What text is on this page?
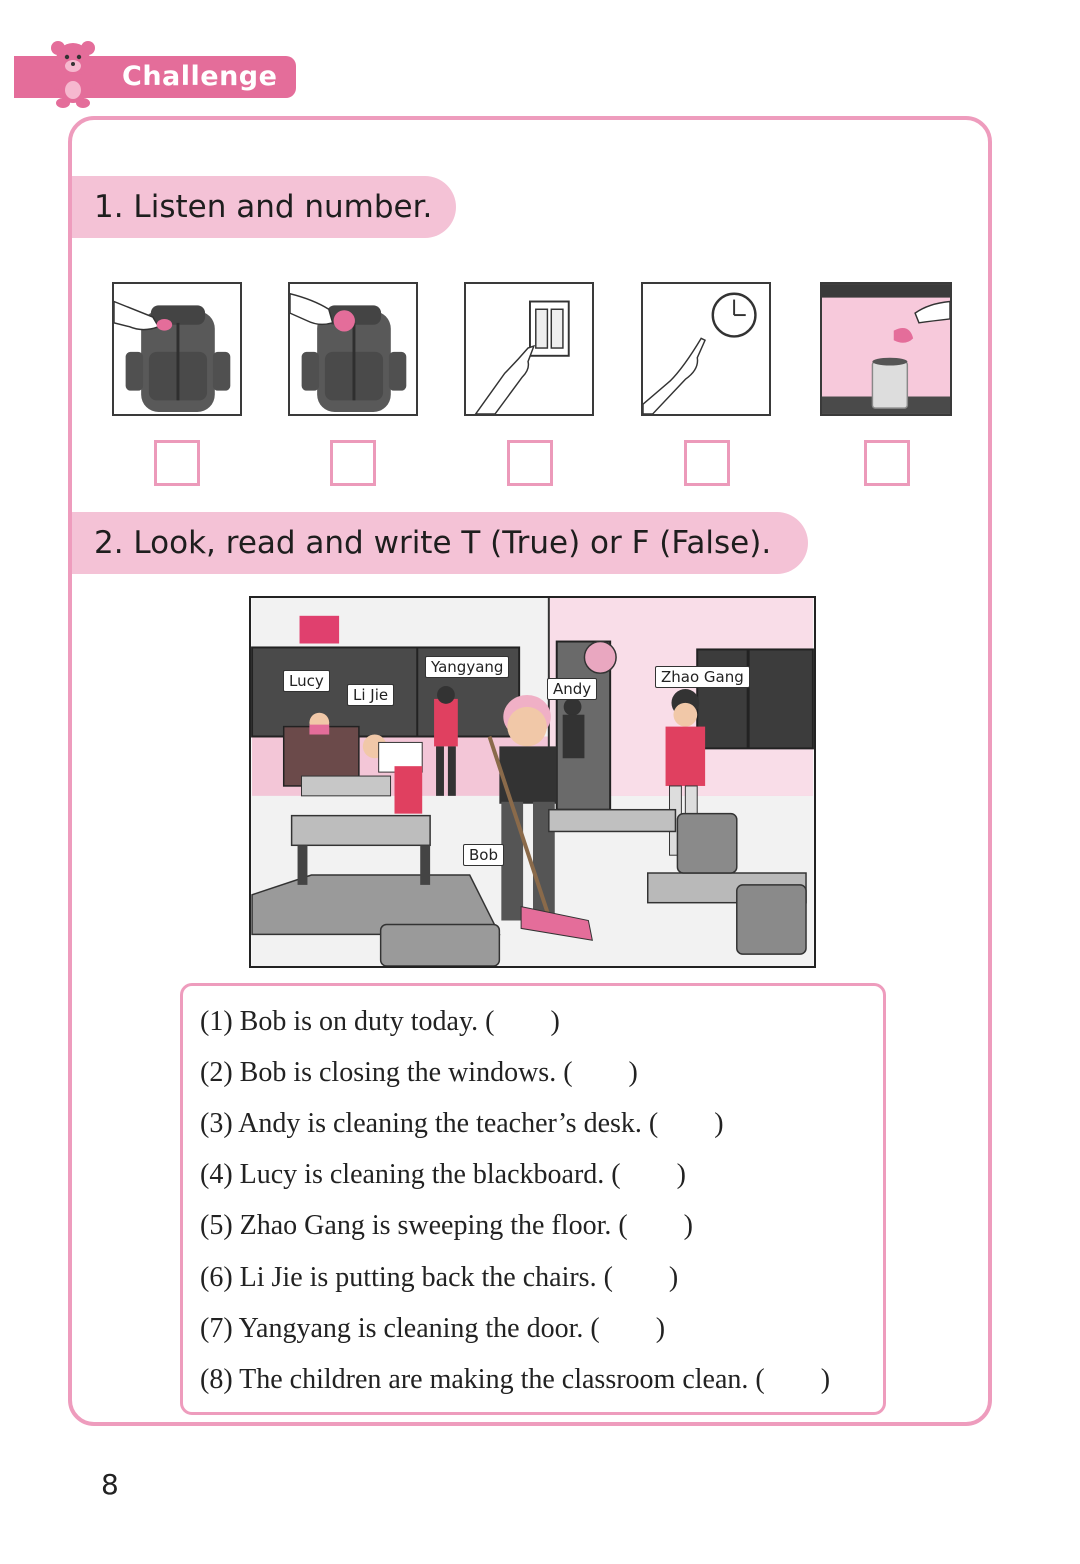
Challenge
1. Listen and number.
2. Look, read and write T (True) or F (False).
Lucy
Li Jie
Yangyang
Andy
Zhao Gang
Bob
(1) Bob is on duty today. (        )
(2) Bob is closing the windows. (        )
(3) Andy is cleaning the teacher’s desk. (        )
(4) Lucy is cleaning the blackboard. (        )
(5) Zhao Gang is sweeping the floor. (        )
(6) Li Jie is putting back the chairs. (        )
(7) Yangyang is cleaning the door. (        )
(8) The children are making the classroom clean. (        )
8
